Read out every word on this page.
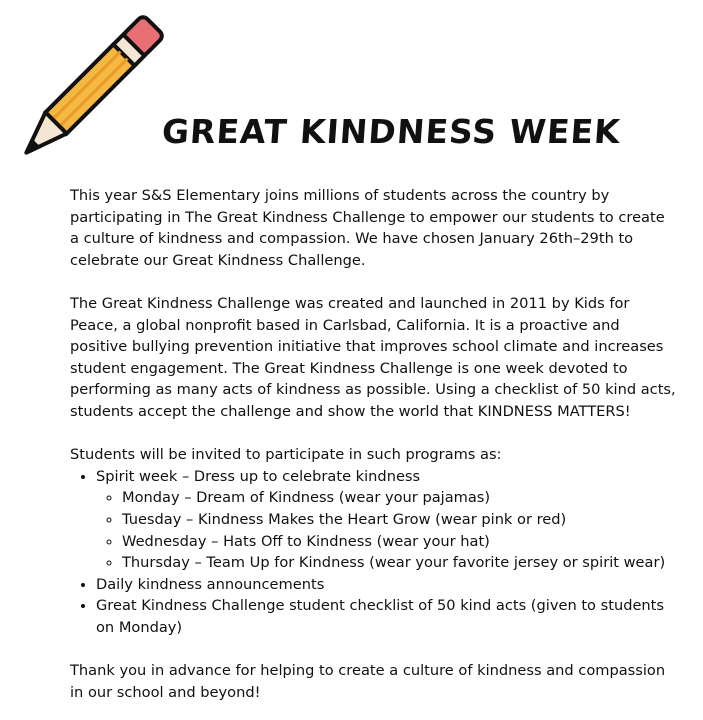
GREAT KINDNESS WEEK

This year S&S Elementary joins millions of students across the country by participating in The Great Kindness Challenge to empower our students to create a culture of kindness and compassion. We have chosen January 26th–29th to celebrate our Great Kindness Challenge.

The Great Kindness Challenge was created and launched in 2011 by Kids for Peace, a global nonprofit based in Carlsbad, California. It is a proactive and positive bullying prevention initiative that improves school climate and increases student engagement. The Great Kindness Challenge is one week devoted to performing as many acts of kindness as possible. Using a checklist of 50 kind acts, students accept the challenge and show the world that KINDNESS MATTERS!

Students will be invited to participate in such programs as:

• Spirit week – Dress up to celebrate kindness
◦ Monday – Dream of Kindness (wear your pajamas)
◦ Tuesday – Kindness Makes the Heart Grow (wear pink or red)
◦ Wednesday – Hats Off to Kindness (wear your hat)
◦ Thursday – Team Up for Kindness (wear your favorite jersey or spirit wear)
• Daily kindness announcements
• Great Kindness Challenge student checklist of 50 kind acts (given to students on Monday)

Thank you in advance for helping to create a culture of kindness and compassion in our school and beyond!
